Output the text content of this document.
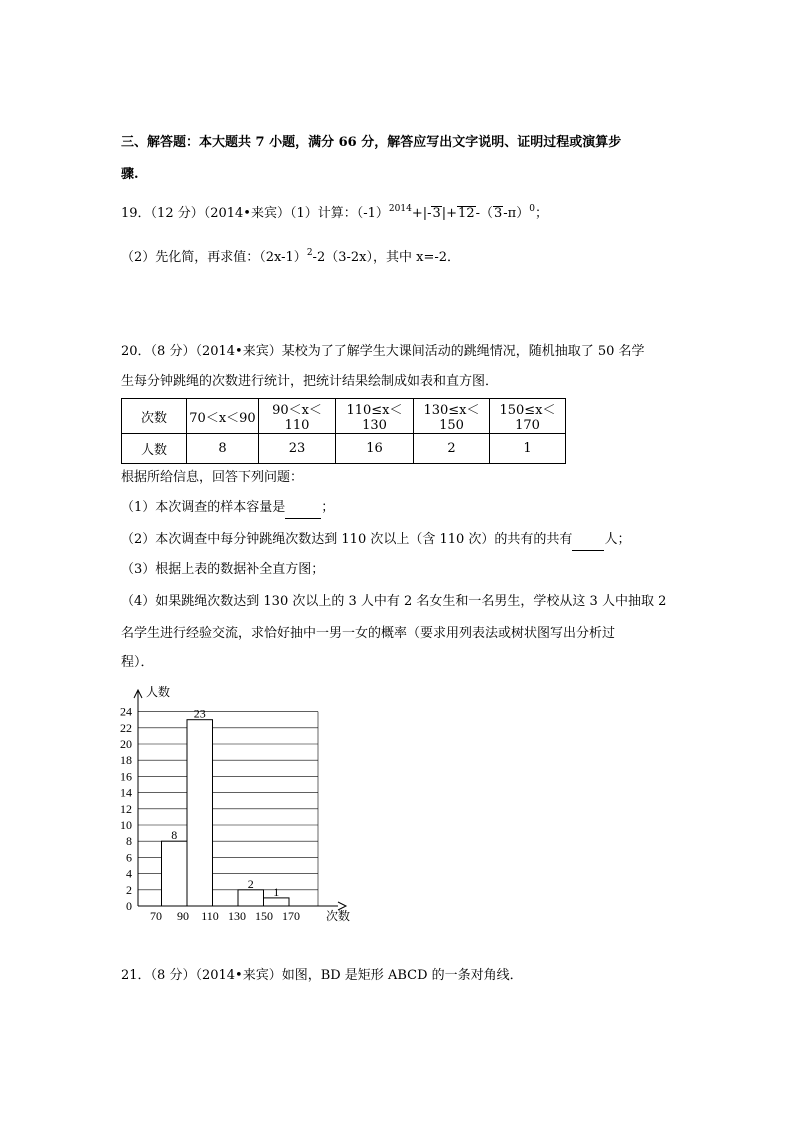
三、解答题：本大题共 7 小题，满分 66 分，解答应写出文字说明、证明过程或演算步
骤.
19．（12 分）（2014•来宾）（1）计算：$(-1)^{2014}+|-3|+12-(3-\pi)^0$；
（2）先化简，再求值：$(2x-1)^2-2(3-2x)$，其中 x=-2．
20．（8 分）（2014•来宾）某校为了了解学生大课间活动的跳绳情况，随机抽取了 50 名学
生每分钟跳绳的次数进行统计，把统计结果绘制成如表和直方图．
次数	70＜x＜90	90＜x＜110	110≤x＜130	130≤x＜150	150≤x＜170
人数	8	23	16	2	1
根据所给信息，回答下列问题：
（1）本次调查的样本容量是	；
（2）本次调查中每分钟跳绳次数达到 110 次以上（含 110 次）的共有的共有 人；
（3）根据上表的数据补全直方图；
（4）如果跳绳次数达到 130 次以上的 3 人中有 2 名女生和一名男生，学校从这 3 人中抽取 2
名学生进行经验交流，求恰好抽中一男一女的概率（要求用列表法或树状图写出分析过
程）．
8
23
2
1
0
2
4
6
8
10
12
14
16
18
20
22
24
70 90 110 130 150 170
人数
次数
21．（8 分）（2014•来宾）如图，BD 是矩形 ABCD 的一条对角线．
